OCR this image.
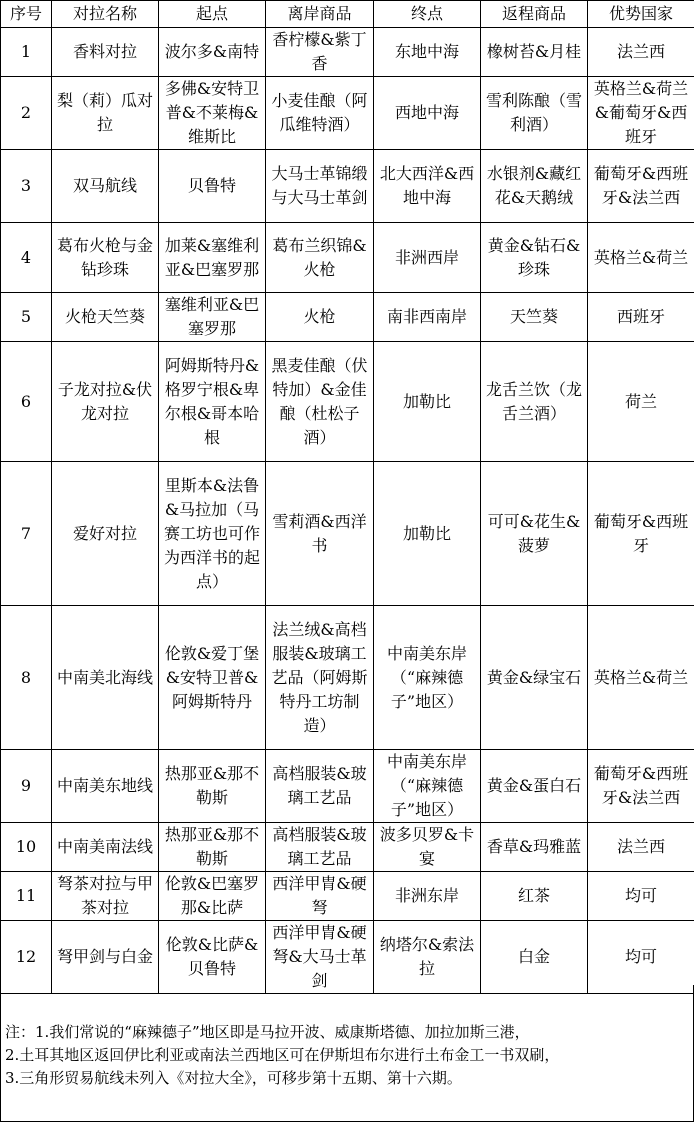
序号	对拉名称	起点	离岸商品	终点	返程商品	优势国家
1	香料对拉	波尔多&南特	香柠檬&紫丁香	东地中海	橡树苔&月桂	法兰西
2	梨（莉）瓜对拉	多佛&安特卫普&不莱梅&维斯比	小麦佳酿（阿瓜维特酒）	西地中海	雪利陈酿（雪利酒）	英格兰&荷兰&葡萄牙&西班牙
3	双马航线	贝鲁特	大马士革锦缎与大马士革剑	北大西洋&西地中海	水银剂&藏红花&天鹅绒	葡萄牙&西班牙&法兰西
4	葛布火枪与金钻珍珠	加莱&塞维利亚&巴塞罗那	葛布兰织锦&火枪	非洲西岸	黄金&钻石&珍珠	英格兰&荷兰
5	火枪天竺葵	塞维利亚&巴塞罗那	火枪	南非西南岸	天竺葵	西班牙
6	子龙对拉&伏龙对拉	阿姆斯特丹&格罗宁根&卑尔根&哥本哈根	黑麦佳酿（伏特加）&金佳酿（杜松子酒）	加勒比	龙舌兰饮（龙舌兰酒）	荷兰
7	爱好对拉	里斯本&法鲁&马拉加（马赛工坊也可作为西洋书的起点）	雪莉酒&西洋书	加勒比	可可&花生&菠萝	葡萄牙&西班牙
8	中南美北海线	伦敦&爱丁堡&安特卫普&阿姆斯特丹	法兰绒&高档服装&玻璃工艺品（阿姆斯特丹工坊制造）	中南美东岸（“麻辣德子”地区）	黄金&绿宝石	英格兰&荷兰
9	中南美东地线	热那亚&那不勒斯	高档服装&玻璃工艺品	中南美东岸（“麻辣德子”地区）	黄金&蛋白石	葡萄牙&西班牙&法兰西
10	中南美南法线	热那亚&那不勒斯	高档服装&玻璃工艺品	波多贝罗&卡宴	香草&玛雅蓝	法兰西
11	弩茶对拉与甲茶对拉	伦敦&巴塞罗那&比萨	西洋甲胄&硬弩	非洲东岸	红茶	均可
12	弩甲剑与白金	伦敦&比萨&贝鲁特	西洋甲胄&硬弩&大马士革剑	纳塔尔&索法拉	白金	均可
注：1.我们常说的“麻辣德子”地区即是马拉开波、威康斯塔德、加拉加斯三港，
2.土耳其地区返回伊比利亚或南法兰西地区可在伊斯坦布尔进行土布金工一书双刷，
3.三角形贸易航线未列入《对拉大全》，可移步第十五期、第十六期。
